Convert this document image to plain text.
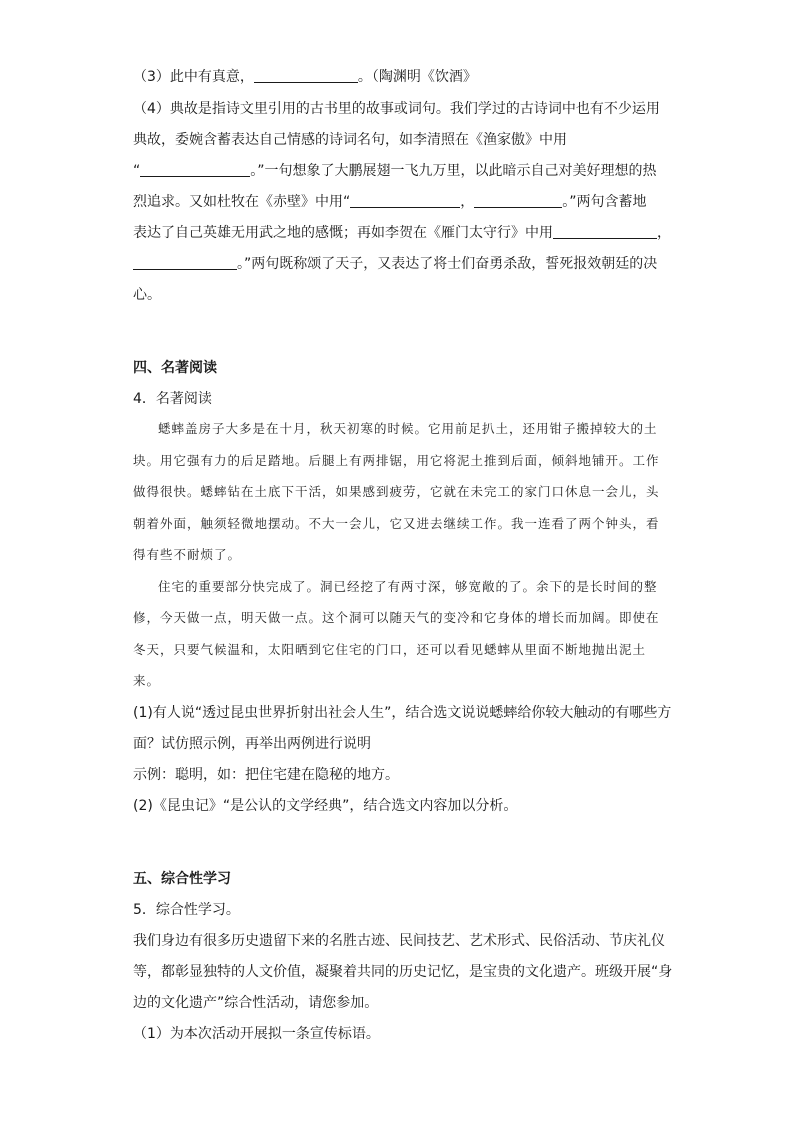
（3）此中有真意，	。（陶渊明《饮酒》
（4）典故是指诗文里引用的古书里的故事或词句。我们学过的古诗词中也有不少运用
典故，委婉含蓄表达自己情感的诗词名句，如李清照在《渔家傲》中用
“	。”一句想象了大鹏展翅一飞九万里，以此暗示自己对美好理想的热
烈追求。又如杜牧在《赤壁》中用“	，	。”两句含蓄地
表达了自己英雄无用武之地的感慨；再如李贺在《雁门太守行》中用	，
。”两句既称颂了天子，又表达了将士们奋勇杀敌，誓死报效朝廷的决
心。
四、名著阅读
4．名著阅读

蟋蟀盖房子大多是在十月，秋天初寒的时候。它用前足扒土，还用钳子搬掉较大的土块。用它强有力的后足踏地。后腿上有两排锯，用它将泥土推到后面，倾斜地铺开。工作做得很快。蟋蟀钻在土底下干活，如果感到疲劳，它就在未完工的家门口休息一会儿，头朝着外面，触须轻微地摆动。不大一会儿，它又进去继续工作。我一连看了两个钟头，看得有些不耐烦了。

住宅的重要部分快完成了。洞已经挖了有两寸深，够宽敞的了。余下的是长时间的整修，今天做一点，明天做一点。这个洞可以随天气的变冷和它身体的增长而加阔。即使在冬天，只要气候温和，太阳晒到它住宅的门口，还可以看见蟋蟀从里面不断地抛出泥土来。

(1)有人说“透过昆虫世界折射出社会人生”，结合选文说说蟋蟀给你较大触动的有哪些方
面？试仿照示例，再举出两例进行说明
示例：聪明，如：把住宅建在隐秘的地方。
(2)《昆虫记》“是公认的文学经典”，结合选文内容加以分析。
五、综合性学习
5．综合性学习。
我们身边有很多历史遗留下来的名胜古迹、民间技艺、艺术形式、民俗活动、节庆礼仪
等，都彰显独特的人文价值，凝聚着共同的历史记忆，是宝贵的文化遗产。班级开展“身
边的文化遗产”综合性活动，请您参加。
（1）为本次活动开展拟一条宣传标语。
